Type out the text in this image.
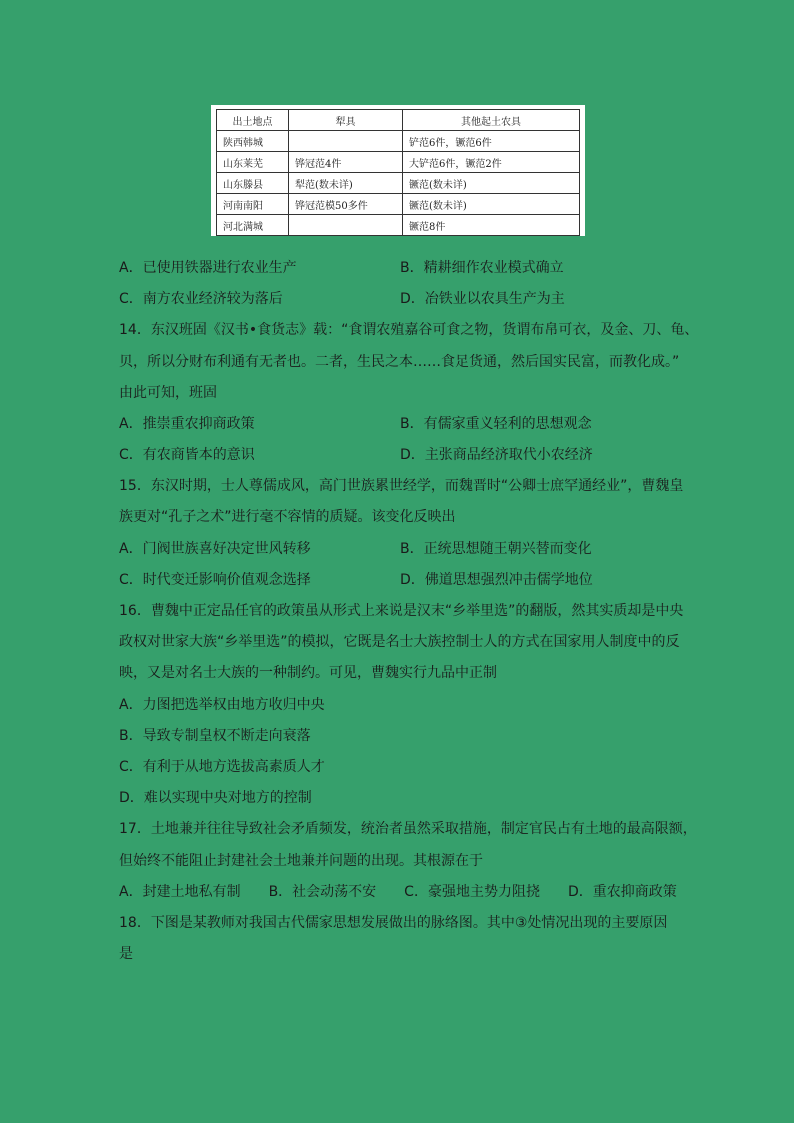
出土地点	犁具	其他起土农具
陕西韩城		铲范6件，镢范6件
山东莱芜	铧冠范4件	大铲范6件，镢范2件
山东滕县	犁范(数未详)	镢范(数未详)
河南南阳	铧冠范模50多件	镢范(数未详)
河北满城		镢范8件
A．已使用铁器进行农业生产	B．精耕细作农业模式确立
C．南方农业经济较为落后	D．冶铁业以农具生产为主
14．东汉班固《汉书•食货志》载：“食谓农殖嘉谷可食之物，货谓布帛可衣，及金、刀、龟、
贝，所以分财布利通有无者也。二者，生民之本……食足货通，然后国实民富，而教化成。”
由此可知，班固
A．推崇重农抑商政策	B．有儒家重义轻利的思想观念
C．有农商皆本的意识	D．主张商品经济取代小农经济
15．东汉时期，士人尊儒成风，高门世族累世经学，而魏晋时“公卿士庶罕通经业”，曹魏皇
族更对“孔子之术”进行毫不容情的质疑。该变化反映出
A．门阀世族喜好决定世风转移	B．正统思想随王朝兴替而变化
C．时代变迁影响价值观念选择	D．佛道思想强烈冲击儒学地位
16．曹魏中正定品任官的政策虽从形式上来说是汉末“乡举里选”的翻版，然其实质却是中央
政权对世家大族“乡举里选”的模拟，它既是名士大族控制士人的方式在国家用人制度中的反
映，又是对名士大族的一种制约。可见，曹魏实行九品中正制
A．力图把选举权由地方收归中央
B．导致专制皇权不断走向衰落
C．有利于从地方选拔高素质人才
D．难以实现中央对地方的控制
17．土地兼并往往导致社会矛盾频发，统治者虽然采取措施，制定官民占有土地的最高限额，
但始终不能阻止封建社会土地兼并问题的出现。其根源在于
A．封建土地私有制　　B．社会动荡不安　　C．豪强地主势力阻挠　　D．重农抑商政策
18．下图是某教师对我国古代儒家思想发展做出的脉络图。其中③处情况出现的主要原因
是
